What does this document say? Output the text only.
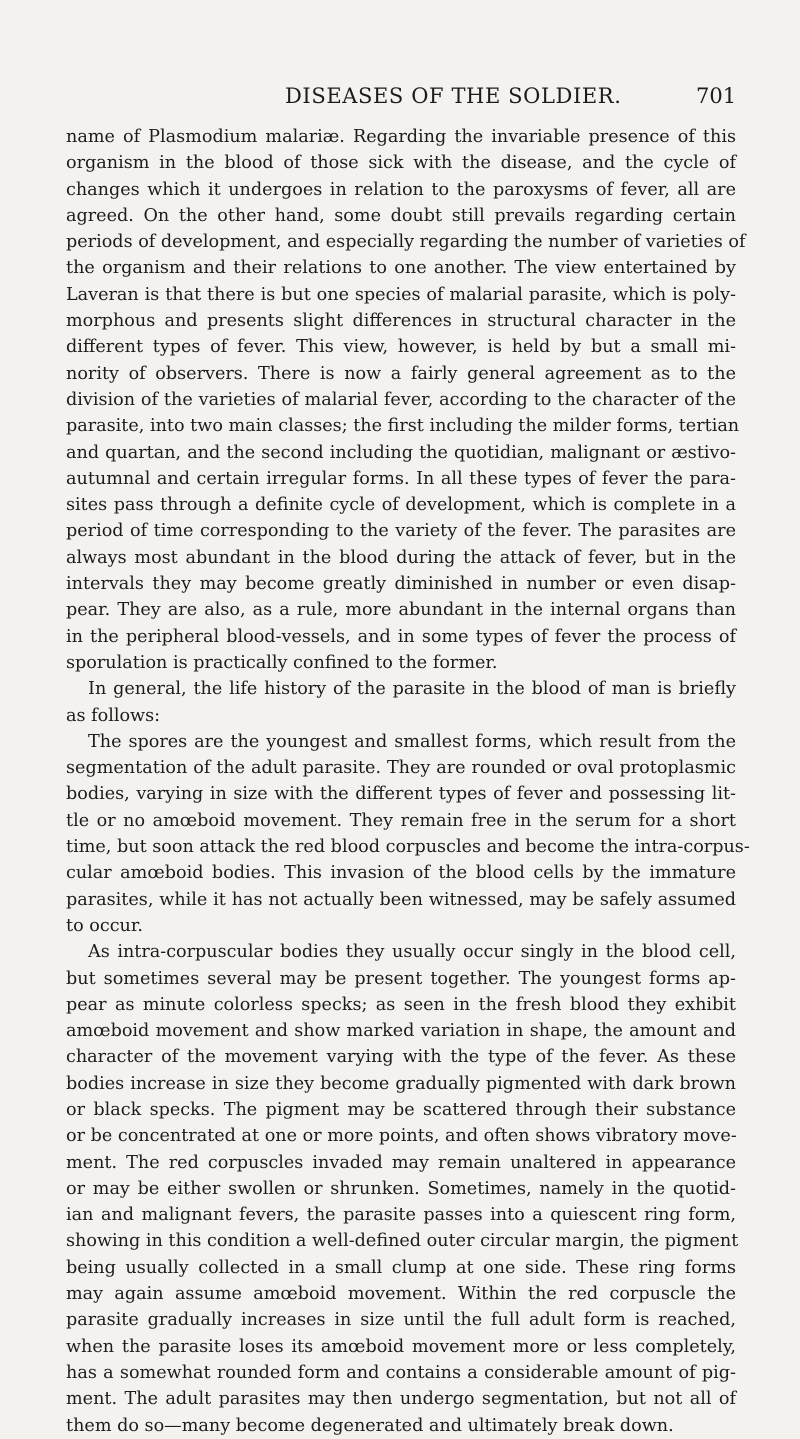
DISEASES OF THE SOLDIER.	701
name of Plasmodium malariæ. Regarding the invariable presence of this
organism in the blood of those sick with the disease, and the cycle of
changes which it undergoes in relation to the paroxysms of fever, all are
agreed. On the other hand, some doubt still prevails regarding certain
periods of development, and especially regarding the number of varieties of
the organism and their relations to one another. The view entertained by
Laveran is that there is but one species of malarial parasite, which is poly-
morphous and presents slight differences in structural character in the
different types of fever. This view, however, is held by but a small mi-
nority of observers. There is now a fairly general agreement as to the
division of the varieties of malarial fever, according to the character of the
parasite, into two main classes; the first including the milder forms, tertian
and quartan, and the second including the quotidian, malignant or æstivo-
autumnal and certain irregular forms. In all these types of fever the para-
sites pass through a definite cycle of development, which is complete in a
period of time corresponding to the variety of the fever. The parasites are
always most abundant in the blood during the attack of fever, but in the
intervals they may become greatly diminished in number or even disap-
pear. They are also, as a rule, more abundant in the internal organs than
in the peripheral blood-vessels, and in some types of fever the process of
sporulation is practically confined to the former.
In general, the life history of the parasite in the blood of man is briefly
as follows:
The spores are the youngest and smallest forms, which result from the
segmentation of the adult parasite. They are rounded or oval protoplasmic
bodies, varying in size with the different types of fever and possessing lit-
tle or no amœboid movement. They remain free in the serum for a short
time, but soon attack the red blood corpuscles and become the intra-corpus-
cular amœboid bodies. This invasion of the blood cells by the immature
parasites, while it has not actually been witnessed, may be safely assumed
to occur.
As intra-corpuscular bodies they usually occur singly in the blood cell,
but sometimes several may be present together. The youngest forms ap-
pear as minute colorless specks; as seen in the fresh blood they exhibit
amœboid movement and show marked variation in shape, the amount and
character of the movement varying with the type of the fever. As these
bodies increase in size they become gradually pigmented with dark brown
or black specks. The pigment may be scattered through their substance
or be concentrated at one or more points, and often shows vibratory move-
ment. The red corpuscles invaded may remain unaltered in appearance
or may be either swollen or shrunken. Sometimes, namely in the quotid-
ian and malignant fevers, the parasite passes into a quiescent ring form,
showing in this condition a well-defined outer circular margin, the pigment
being usually collected in a small clump at one side. These ring forms
may again assume amœboid movement. Within the red corpuscle the
parasite gradually increases in size until the full adult form is reached,
when the parasite loses its amœboid movement more or less completely,
has a somewhat rounded form and contains a considerable amount of pig-
ment. The adult parasites may then undergo segmentation, but not all of
them do so—many become degenerated and ultimately break down.
